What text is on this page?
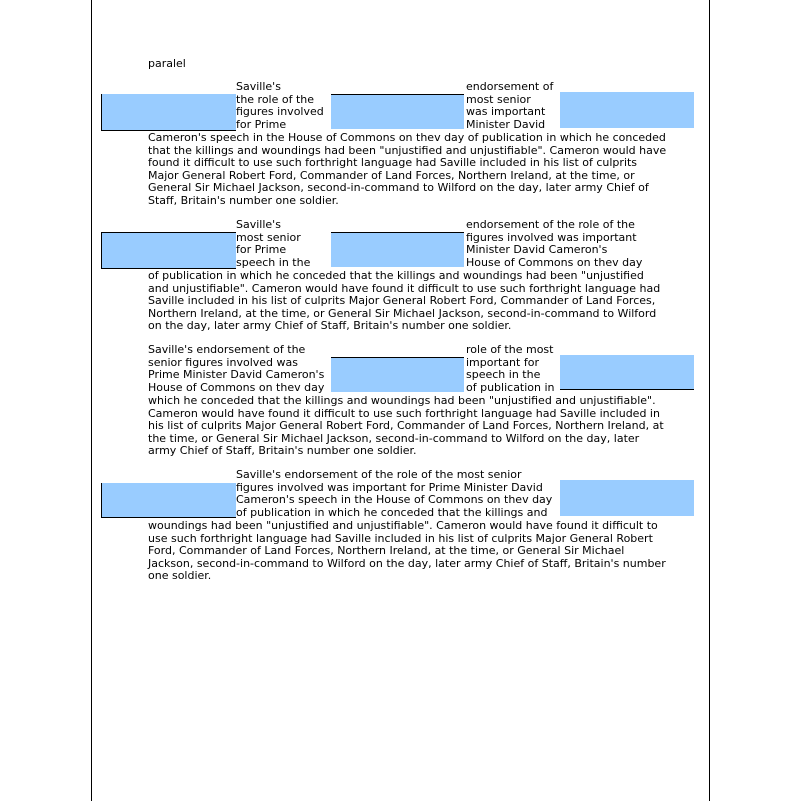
paralel
Saville's
the role of the
figures involved
for Prime
endorsement of
most senior
was important
Minister David
Cameron's speech in the House of Commons on thev day of publication in which he conceded that the killings and woundings had been "unjustified and unjustifiable". Cameron would have found it difficult to use such forthright language had Saville included in his list of culprits Major General Robert Ford, Commander of Land Forces, Northern Ireland, at the time, or General Sir Michael Jackson, second-in-command to Wilford on the day, later army Chief of Staff, Britain's number one soldier.
Saville's
most senior
for Prime
speech in the
endorsement of the role of the
figures involved was important
Minister David Cameron's
House of Commons on thev day
of publication in which he conceded that the killings and woundings had been "unjustified and unjustifiable". Cameron would have found it difficult to use such forthright language had Saville included in his list of culprits Major General Robert Ford, Commander of Land Forces, Northern Ireland, at the time, or General Sir Michael Jackson, second-in-command to Wilford on the day, later army Chief of Staff, Britain's number one soldier.
Saville's endorsement of the
senior figures involved was
Prime Minister David Cameron's
House of Commons on thev day
role of the most
important for
speech in the
of publication in
which he conceded that the killings and woundings had been "unjustified and unjustifiable". Cameron would have found it difficult to use such forthright language had Saville included in his list of culprits Major General Robert Ford, Commander of Land Forces, Northern Ireland, at the time, or General Sir Michael Jackson, second-in-command to Wilford on the day, later army Chief of Staff, Britain's number one soldier.
Saville's endorsement of the role of the most senior
figures involved was important for Prime Minister David
Cameron's speech in the House of Commons on thev day
of publication in which he conceded that the killings and
woundings had been "unjustified and unjustifiable". Cameron would have found it difficult to use such forthright language had Saville included in his list of culprits Major General Robert Ford, Commander of Land Forces, Northern Ireland, at the time, or General Sir Michael Jackson, second-in-command to Wilford on the day, later army Chief of Staff, Britain's number one soldier.
